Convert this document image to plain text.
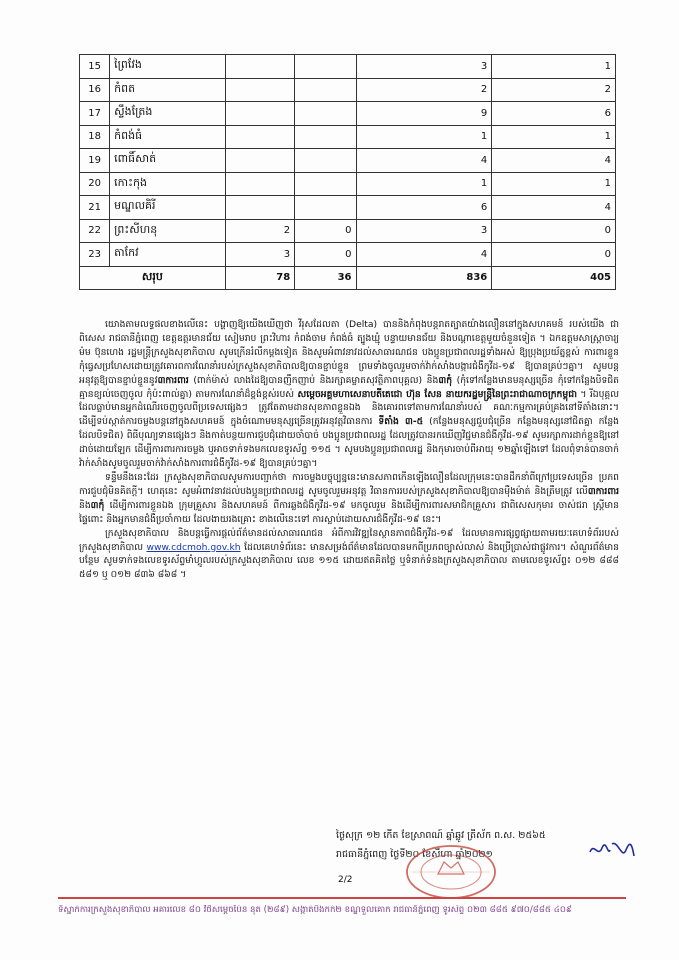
15	ព្រៃវែង			3	1
16	កំពត			2	2
17	ស្ទឹងត្រែង			9	6
18	កំពង់ធំ			1	1
19	ពោធិ៍សាត់			4	4
20	កោះកុង			1	1
21	មណ្ឌលគិរី			6	4
22	ព្រះសីហនុ	2	0	3	0
23	តាកែវ	3	0	4	0
សរុប		78	36	836	405

យោងតាមលទ្ធផលខាងលើនេះ បង្ហាញឱ្យយើងឃើញថា វីរុសដែលតា (Delta) បាននិងកំពុងបន្តរាតត្បាតយ៉ាងលឿននៅក្នុងសហគមន៍ របស់យើង ជាពិសេស រាជធានីភ្នំពេញ ខេត្តឧត្តរមានជ័យ សៀមរាប ព្រះវិហារ កំពង់ចាម កំពង់ធំ ត្បូងឃ្មុំ បន្ទាយមានជ័យ និងបណ្ដាខេត្តមួយចំនួនទៀត ។ ឯកឧត្តមសាស្ត្រាចារ្យ ម៉ម ប៊ុនហេង រដ្ឋមន្ត្រីក្រសួងសុខាភិបាល សូមក្រើនរំលឹកម្ដងទៀត និងសូមអំពាវនាវដល់សាធារណជន បងប្អូនប្រជាពលរដ្ឋទាំងអស់ ឱ្យប្រុងប្រយ័ត្នខ្ពស់ ការពារខ្លួន កុំធ្វេសប្រហែសដោយត្រូវគោរពការណែនាំរបស់ក្រសួងសុខាភិបាលឱ្យបានខ្ជាប់ខ្ជួន ព្រមទាំងចូលរួមចាក់វ៉ាក់សាំងបង្ការជំងឺកូវីដ-១៩ ឱ្យបានគ្រប់ៗគ្នា។ សូមបន្តអនុវត្តឱ្យបានខ្ជាប់ខ្ជួននូវ៣ការពារ (ពាក់ម៉ាស់ លាងដៃឱ្យបានញឹកញាប់ និងរក្សាគម្លាតសុវត្ថិភាពបុគ្គល) និង៣កុំ (កុំទៅកន្លែងមានមនុស្សច្រើន កុំទៅកន្លែងបិទជិតគ្មានខ្យល់ចេញចូល កុំប៉ះពាល់គ្នា) តាមការណែនាំដ៏ខ្ពង់ខ្ពស់របស់ សម្ដេចអគ្គមហាសេនាបតីតេជោ ហ៊ុន សែន នាយករដ្ឋមន្ត្រីនៃព្រះរាជាណាចក្រកម្ពុជា ។ រីឯបុគ្គលដែលធ្លាប់មានអ្នកដំណើរចេញចូលពីប្រទេសផ្សេងៗ ត្រូវតែតាមដានសុខភាពខ្លួនឯង និងគោរពទៅតាមការណែនាំរបស់ គណៈកម្មការគ្រប់គ្រងនៅទីតាំងនោះ។ ដើម្បីទប់ស្កាត់ការចម្លងបន្តនៅក្នុងសហគមន៍ ក្នុងចំណោមមនុស្សច្រើនត្រូវអនុវត្តវិធានការ ទីតាំង ៣-៥ (កន្លែងមនុស្សជួបជុំច្រើន កន្លែងមនុស្សនៅជិតគ្នា កន្លែងដែលបិទជិត) ពិធីបុណ្យទានផ្សេងៗ និងកាត់បន្ថយការជួបជុំដោយចាំបាច់ បងប្អូនប្រជាពលរដ្ឋ ដែលត្រូវបានរកឃើញវិជ្ជមានជំងឺកូវីដ-១៩ សូមរក្សាការដាក់ខ្លួនឱ្យនៅដាច់ដោយឡែក ដើម្បីការពារការចម្លង ឬអាចទាក់ទងមកលេខទូរស័ព្ទ ១១៥ ។ សូមបងប្អូនប្រជាពលរដ្ឋ និងកុមារចាប់ពីអាយុ ១២ឆ្នាំឡើងទៅ ដែលពុំទាន់បានចាក់វ៉ាក់សាំងសូមចូលរួមចាក់វ៉ាក់សាំងការពារជំងឺកូវីដ-១៩ ឱ្យបានគ្រប់ៗគ្នា។

ទន្ទឹមនឹងនេះដែរ ក្រសួងសុខាភិបាលសូមការបញ្ជាក់ថា ការចម្លងបច្ចុប្បន្ននេះមានសភាពកើនឡើងលឿនដែលក្រុមនេះបានដឹកនាំពីក្រៅប្រទេសច្រើន ប្រភពការជួបជុំមិនគិតក្ដី។ ហេតុនេះ សូមអំពាវនាវដល់បងប្អូនប្រជាពលរដ្ឋ សូមចូលរួមអនុវត្ត វិធានការរបស់ក្រសួងសុខាភិបាលឱ្យបានម៉ឺងម៉ាត់ និងត្រឹមត្រូវ លើ៣ការពារ និង៣កុំ ដើម្បីការពារខ្លួនឯង ក្រុមគ្រួសារ និងសហគមន៍ ពីការឆ្លងជំងឺកូវីដ-១៩ មកចូលរួម និងដើម្បីការពារសមាជិកគ្រួសារ ជាពិសេសកុមារ ចាស់ជរា ស្ត្រីមានផ្ទៃពោះ និងអ្នកមានជំងឺប្រចាំកាយ ដែលងាយរងគ្រោះ ខាងលើនេះទៅ ការស្លាប់ដោយសារជំងឺកូវីដ-១៩ នេះ។

ក្រសួងសុខាភិបាល និងបន្តធ្វើការផ្ដល់ព័ត៌មានដល់សាធារណជន អំពីការវិវឌ្ឍនៃស្ថានភាពជំងឺកូវីដ-១៩ ដែលមានការផ្សព្វផ្សាយតាមរយៈគេហទំព័ររបស់ក្រសួងសុខាភិបាល www.cdcmoh.gov.kh ដែលគេហទំព័រនេះ មានសម្រង់ព័ត៌មានដែលបានមកពីប្រភពច្បាស់លាស់ និងប្រើប្រាស់ជាផ្លូវការ។ សំណួរព័ត៌មានបន្ថែម សូមទាក់ទងលេខទូរស័ព្ទមាំហ្គូលរបស់ក្រសួងសុខាភិបាល លេខ ១១៥ ដោយឥតគិតថ្លៃ ឬទំនាក់ទំនងក្រសួងសុខាភិបាល តាមលេខទូរស័ព្ទ៖ ០១២ ៨៨៨ ៥៨១ ឬ ០១២ ៨៣៦ ៨៦៨ ។

ថ្ងៃសុក្រ ១២ កើត ខែស្រាពណ៍ ឆ្នាំឆ្លូវ ត្រីស័ក ព.ស. ២៥៦៥
រាជធានីភ្នំពេញ ថ្ងៃទី២០ ខែសីហា ឆ្នាំ២០២១
2/2
ទីស្នាក់ការក្រសួងសុខាភិបាល អគារលេខ ៨០ វិថីសម្ដេចប៉ែន នុត (២៨៩) សង្កាត់បឹងកក់២ ខណ្ឌទួលគោក រាជធានីភ្នំពេញ ទូរស័ព្ទ ០២៣ ៨៨៥ ៩៧០/៨៨៥ ៤០៩
